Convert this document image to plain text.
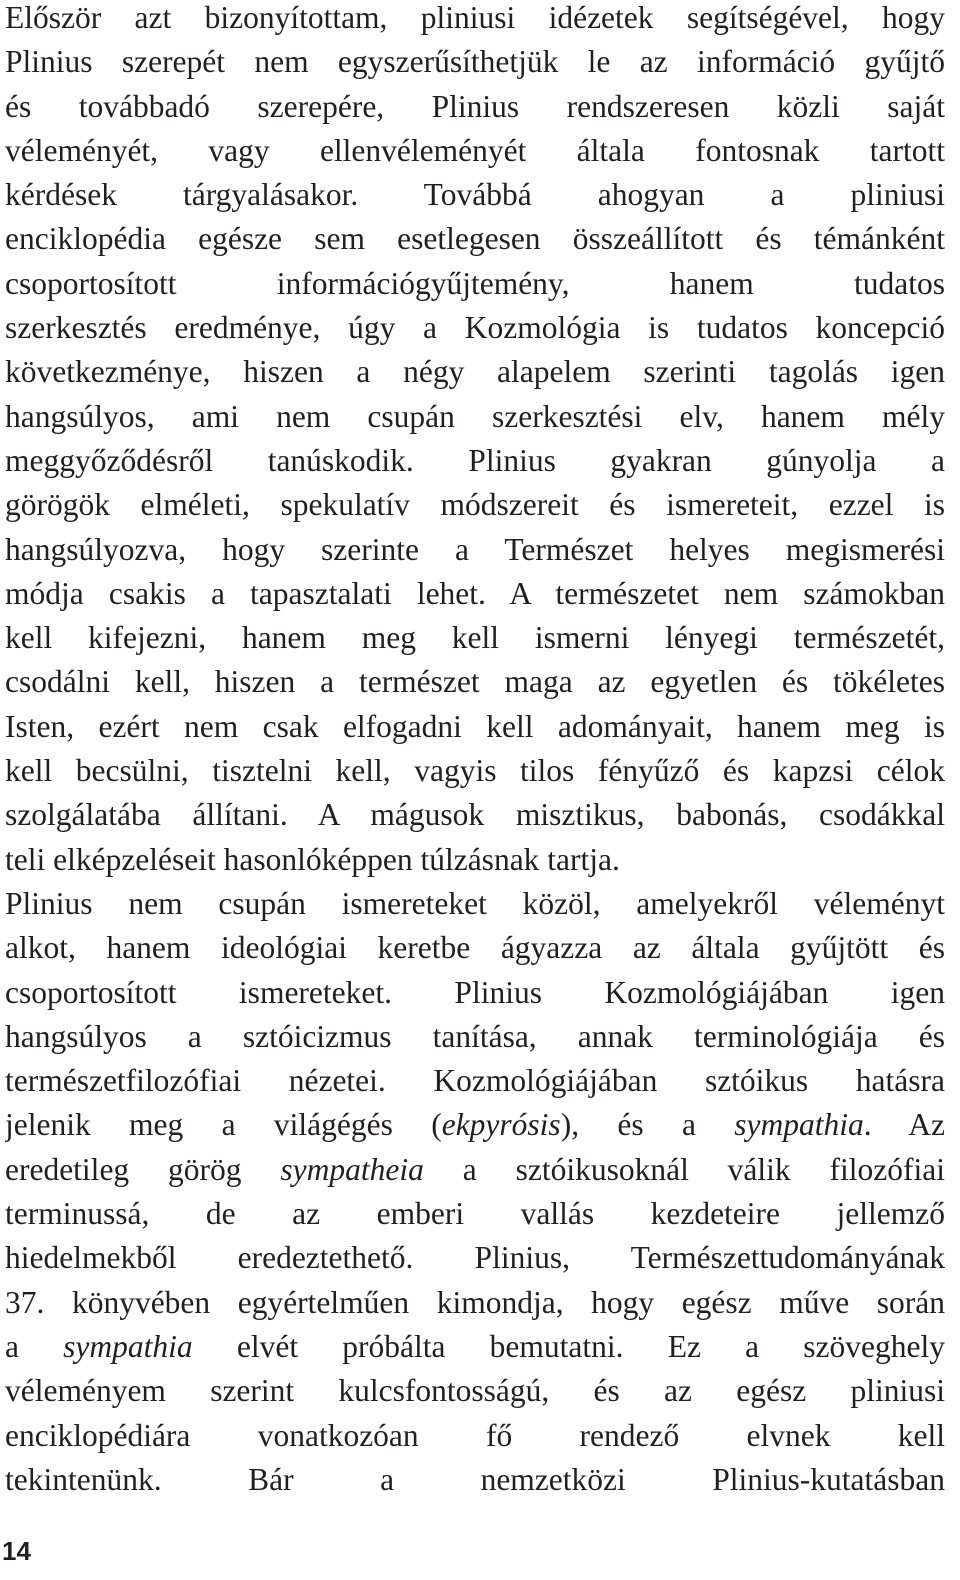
Először azt bizonyítottam, pliniusi idézetek segítségével, hogy
Plinius szerepét nem egyszerűsíthetjük le az információ gyűjtő
és továbbadó szerepére, Plinius rendszeresen közli saját
véleményét, vagy ellenvéleményét általa fontosnak tartott
kérdések tárgyalásakor. Továbbá ahogyan a pliniusi
enciklopédia egésze sem esetlegesen összeállított és témánként
csoportosított információgyűjtemény, hanem tudatos
szerkesztés eredménye, úgy a Kozmológia is tudatos koncepció
következménye, hiszen a négy alapelem szerinti tagolás igen
hangsúlyos, ami nem csupán szerkesztési elv, hanem mély
meggyőződésről tanúskodik. Plinius gyakran gúnyolja a
görögök elméleti, spekulatív módszereit és ismereteit, ezzel is
hangsúlyozva, hogy szerinte a Természet helyes megismerési
módja csakis a tapasztalati lehet. A természetet nem számokban
kell kifejezni, hanem meg kell ismerni lényegi természetét,
csodálni kell, hiszen a természet maga az egyetlen és tökéletes
Isten, ezért nem csak elfogadni kell adományait, hanem meg is
kell becsülni, tisztelni kell, vagyis tilos fényűző és kapzsi célok
szolgálatába állítani. A mágusok misztikus, babonás, csodákkal
teli elképzeléseit hasonlóképpen túlzásnak tartja.
Plinius nem csupán ismereteket közöl, amelyekről véleményt
alkot, hanem ideológiai keretbe ágyazza az általa gyűjtött és
csoportosított ismereteket. Plinius Kozmológiájában igen
hangsúlyos a sztóicizmus tanítása, annak terminológiája és
természetfilozófiai nézetei. Kozmológiájában sztóikus hatásra
jelenik meg a világégés (ekpyrósis), és a sympathia. Az
eredetileg görög sympatheia a sztóikusoknál válik filozófiai
terminussá, de az emberi vallás kezdeteire jellemző
hiedelmekből eredeztethető. Plinius, Természettudományának
37. könyvében egyértelműen kimondja, hogy egész műve során
a sympathia elvét próbálta bemutatni. Ez a szöveghely
véleményem szerint kulcsfontosságú, és az egész pliniusi
enciklopédiára vonatkozóan fő rendező elvnek kell
tekintenünk. Bár a nemzetközi Plinius-kutatásban
14
